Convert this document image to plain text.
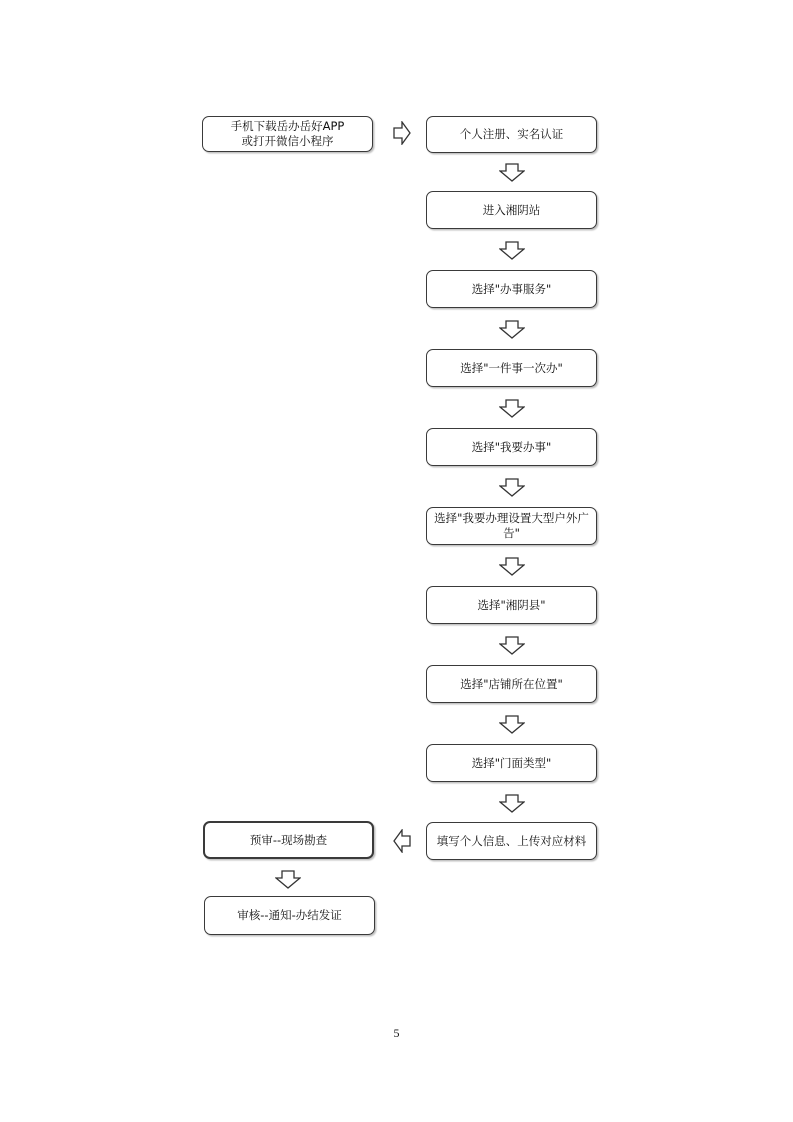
手机下载岳办岳好APP
或打开微信小程序	个人注册、实名认证
进入湘阴站
选择"办事服务"
选择"一件事一次办"
选择"我要办事"
选择"我要办理设置大型户外广告"
选择"湘阴县"
选择"店铺所在位置"
选择"门面类型"
填写个人信息、上传对应材料
预审--现场勘查
审核--通知-办结发证
5
